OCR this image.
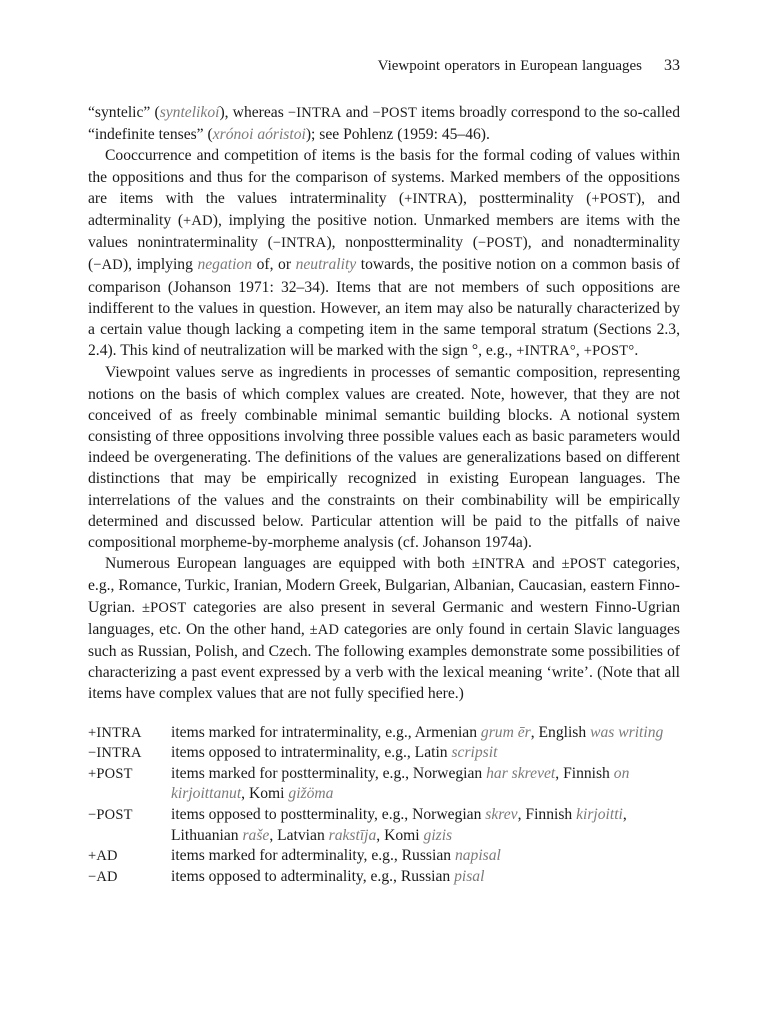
Viewpoint operators in European languages 33

“syntelic” (syntelikoí), whereas −INTRA and −POST items broadly correspond to the so-called “indefinite tenses” (xrónoi aóristoi); see Pohlenz (1959: 45–46).

Cooccurrence and competition of items is the basis for the formal coding of values within the oppositions and thus for the comparison of systems. Marked members of the oppositions are items with the values intraterminality (+INTRA), postterminality (+POST), and adterminality (+AD), implying the positive notion. Unmarked members are items with the values nonintraterminality (−INTRA), nonpostterminality (−POST), and nonadterminality (−AD), implying negation of, or neutrality towards, the positive notion on a common basis of comparison (Johanson 1971: 32–34). Items that are not members of such oppositions are indifferent to the values in question. However, an item may also be naturally characterized by a certain value though lacking a competing item in the same temporal stratum (Sections 2.3, 2.4). This kind of neutralization will be marked with the sign °, e.g., +INTRA°, +POST°.

Viewpoint values serve as ingredients in processes of semantic composition, representing notions on the basis of which complex values are created. Note, however, that they are not conceived of as freely combinable minimal semantic building blocks. A notional system consisting of three oppositions involving three possible values each as basic parameters would indeed be overgenerating. The definitions of the values are generalizations based on different distinctions that may be empirically recognized in existing European languages. The interrelations of the values and the constraints on their combinability will be empirically determined and discussed below. Particular attention will be paid to the pitfalls of naive compositional morpheme-by-morpheme analysis (cf. Johanson 1974a).

Numerous European languages are equipped with both ±INTRA and ±POST categories, e.g., Romance, Turkic, Iranian, Modern Greek, Bulgarian, Albanian, Caucasian, eastern Finno-Ugrian. ±POST categories are also present in several Germanic and western Finno-Ugrian languages, etc. On the other hand, ±AD categories are only found in certain Slavic languages such as Russian, Polish, and Czech. The following examples demonstrate some possibilities of characterizing a past event expressed by a verb with the lexical meaning ‘write’. (Note that all items have complex values that are not fully specified here.)

+INTRA	items marked for intraterminality, e.g., Armenian grum ēr, English was writing
−INTRA	items opposed to intraterminality, e.g., Latin scripsit
+POST	items marked for postterminality, e.g., Norwegian har skrevet, Finnish on kirjoittanut, Komi gižöma
−POST	items opposed to postterminality, e.g., Norwegian skrev, Finnish kirjoitti, Lithuanian raše, Latvian rakstīja, Komi gizis
+AD	items marked for adterminality, e.g., Russian napisal
−AD	items opposed to adterminality, e.g., Russian pisal
